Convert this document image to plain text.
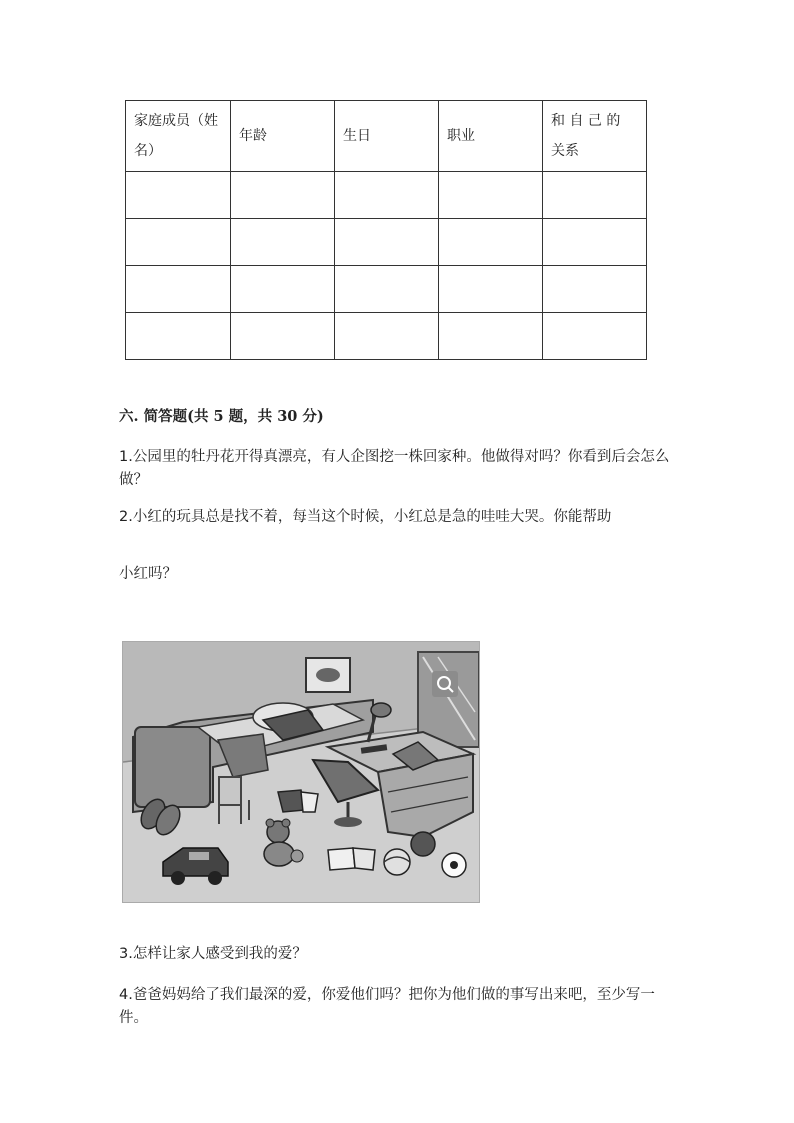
家庭成员（姓名）	年龄	生日	职业	和 自 己 的 关系

六. 简答题(共 5 题，共 30 分)
1.公园里的牡丹花开得真漂亮，有人企图挖一株回家种。他做得对吗？你看到后会怎么做？
2.小红的玩具总是找不着，每当这个时候，小红总是急的哇哇大哭。你能帮助
小红吗？
3.怎样让家人感受到我的爱？
4.爸爸妈妈给了我们最深的爱，你爱他们吗？把你为他们做的事写出来吧，至少写一件。
